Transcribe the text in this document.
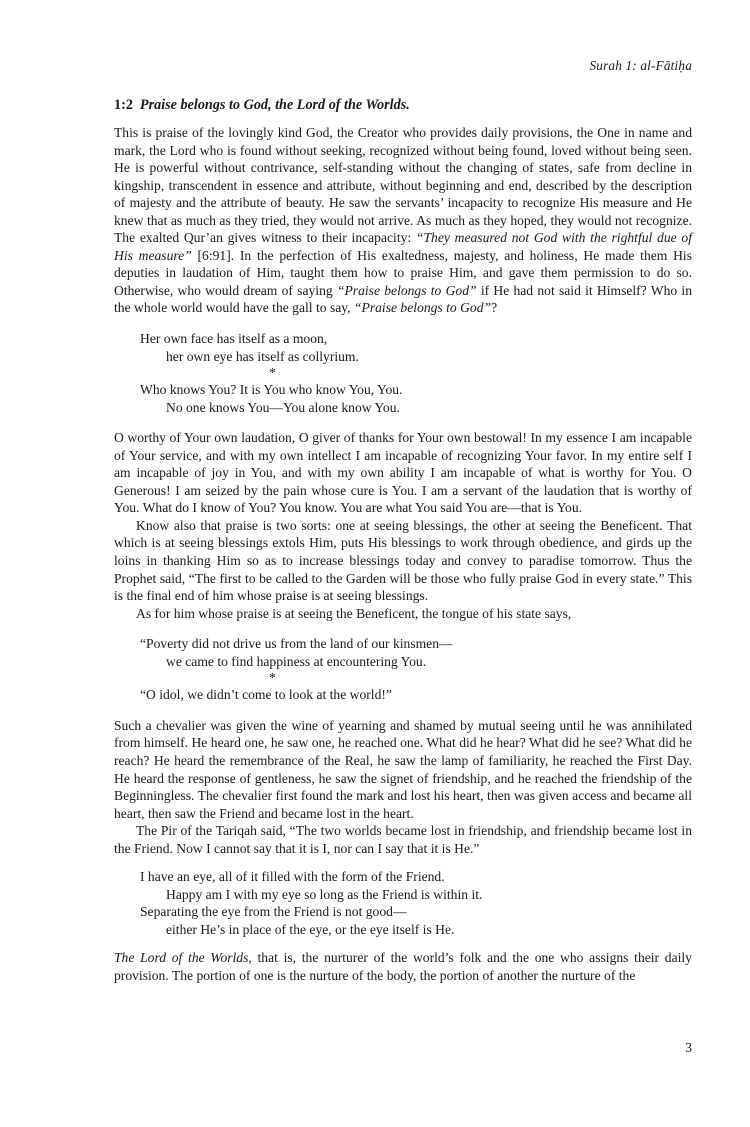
Surah 1: al-Fātiḥa
1:2 Praise belongs to God, the Lord of the Worlds.

This is praise of the lovingly kind God, the Creator who provides daily provisions, the One in name and mark, the Lord who is found without seeking, recognized without being found, loved without being seen. He is powerful without contrivance, self-standing without the changing of states, safe from decline in kingship, transcendent in essence and attribute, without beginning and end, described by the description of majesty and the attribute of beauty. He saw the servants’ incapacity to recognize His measure and He knew that as much as they tried, they would not arrive. As much as they hoped, they would not recognize. The exalted Qur’an gives witness to their incapacity: “They measured not God with the rightful due of His measure” [6:91]. In the perfection of His exaltedness, majesty, and holiness, He made them His deputies in laudation of Him, taught them how to praise Him, and gave them permission to do so. Otherwise, who would dream of saying “Praise belongs to God” if He had not said it Himself? Who in the whole world would have the gall to say, “Praise belongs to God”?

Her own face has itself as a moon,
her own eye has itself as collyrium.
*
Who knows You? It is You who know You, You.
No one knows You—You alone know You.

O worthy of Your own laudation, O giver of thanks for Your own bestowal! In my essence I am incapable of Your service, and with my own intellect I am incapable of recognizing Your favor. In my entire self I am incapable of joy in You, and with my own ability I am incapable of what is worthy for You. O Generous! I am seized by the pain whose cure is You. I am a servant of the laudation that is worthy of You. What do I know of You? You know. You are what You said You are—that is You.

Know also that praise is two sorts: one at seeing blessings, the other at seeing the Beneficent. That which is at seeing blessings extols Him, puts His blessings to work through obedience, and girds up the loins in thanking Him so as to increase blessings today and convey to paradise tomorrow. Thus the Prophet said, “The first to be called to the Garden will be those who fully praise God in every state.” This is the final end of him whose praise is at seeing blessings.

As for him whose praise is at seeing the Beneficent, the tongue of his state says,

“Poverty did not drive us from the land of our kinsmen—
we came to find happiness at encountering You.
*
“O idol, we didn’t come to look at the world!”

Such a chevalier was given the wine of yearning and shamed by mutual seeing until he was annihilated from himself. He heard one, he saw one, he reached one. What did he hear? What did he see? What did he reach? He heard the remembrance of the Real, he saw the lamp of familiarity, he reached the First Day. He heard the response of gentleness, he saw the signet of friendship, and he reached the friendship of the Beginningless. The chevalier first found the mark and lost his heart, then was given access and became all heart, then saw the Friend and became lost in the heart.

The Pir of the Tariqah said, “The two worlds became lost in friendship, and friendship became lost in the Friend. Now I cannot say that it is I, nor can I say that it is He.”

I have an eye, all of it filled with the form of the Friend.
Happy am I with my eye so long as the Friend is within it.
Separating the eye from the Friend is not good—
either He’s in place of the eye, or the eye itself is He.

The Lord of the Worlds, that is, the nurturer of the world’s folk and the one who assigns their daily provision. The portion of one is the nurture of the body, the portion of another the nurture of the

3
